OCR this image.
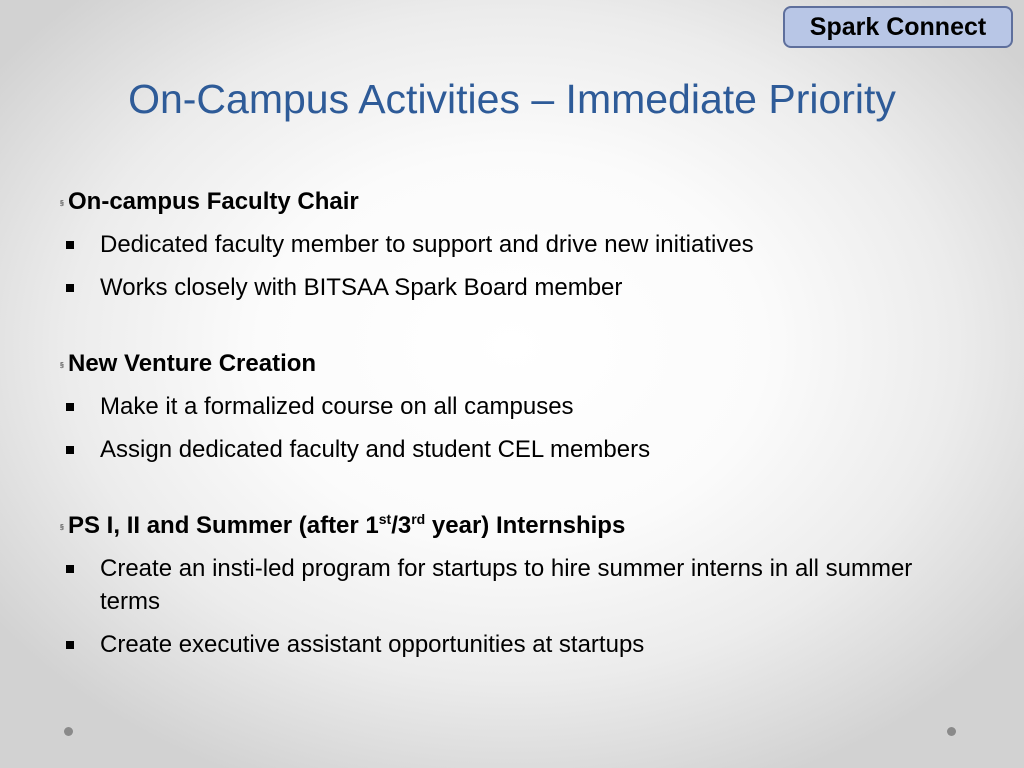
Spark Connect
On-Campus Activities – Immediate Priority
§ On-campus Faculty Chair
Dedicated faculty member to support and drive new initiatives
Works closely with BITSAA Spark Board member
§ New Venture Creation
Make it a formalized course on all campuses
Assign dedicated faculty and student CEL members
§ PS I, II and Summer (after 1st/3rd year) Internships
Create an insti-led program for startups to hire summer interns in all summer terms
Create executive assistant opportunities at startups
